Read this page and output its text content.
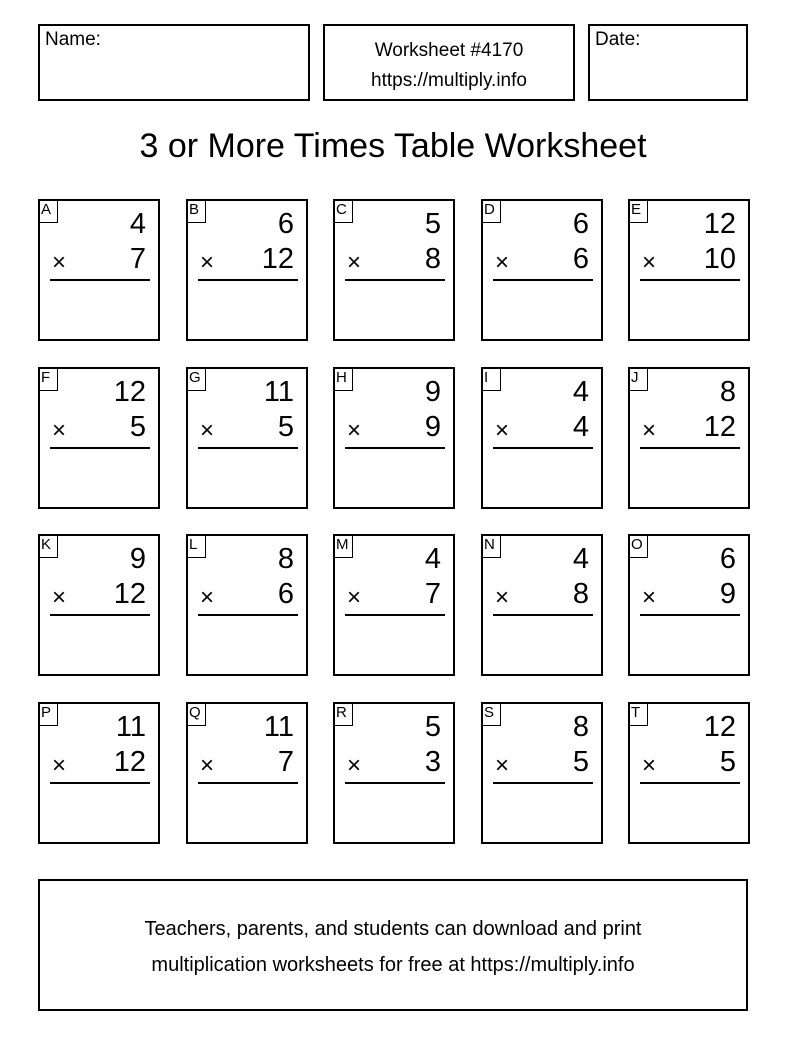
Name:
Worksheet #4170
https://multiply.info
Date:
3 or More Times Table Worksheet
A	4
× 7
B	6
× 12
C	5
× 8
D	6
× 6
E 12
× 10
F 12
× 5
G 11
× 5
H	9
× 9
I	4
× 4
J	8
× 12
K	9
× 12
L	8
× 6
M	4
× 7
N	4
× 8
O	6
× 9
P 11
× 12
Q 11
× 7
R	5
× 3
S	8
× 5
T 12
× 5
Teachers, parents, and students can download and print
multiplication worksheets for free at https://multiply.info
